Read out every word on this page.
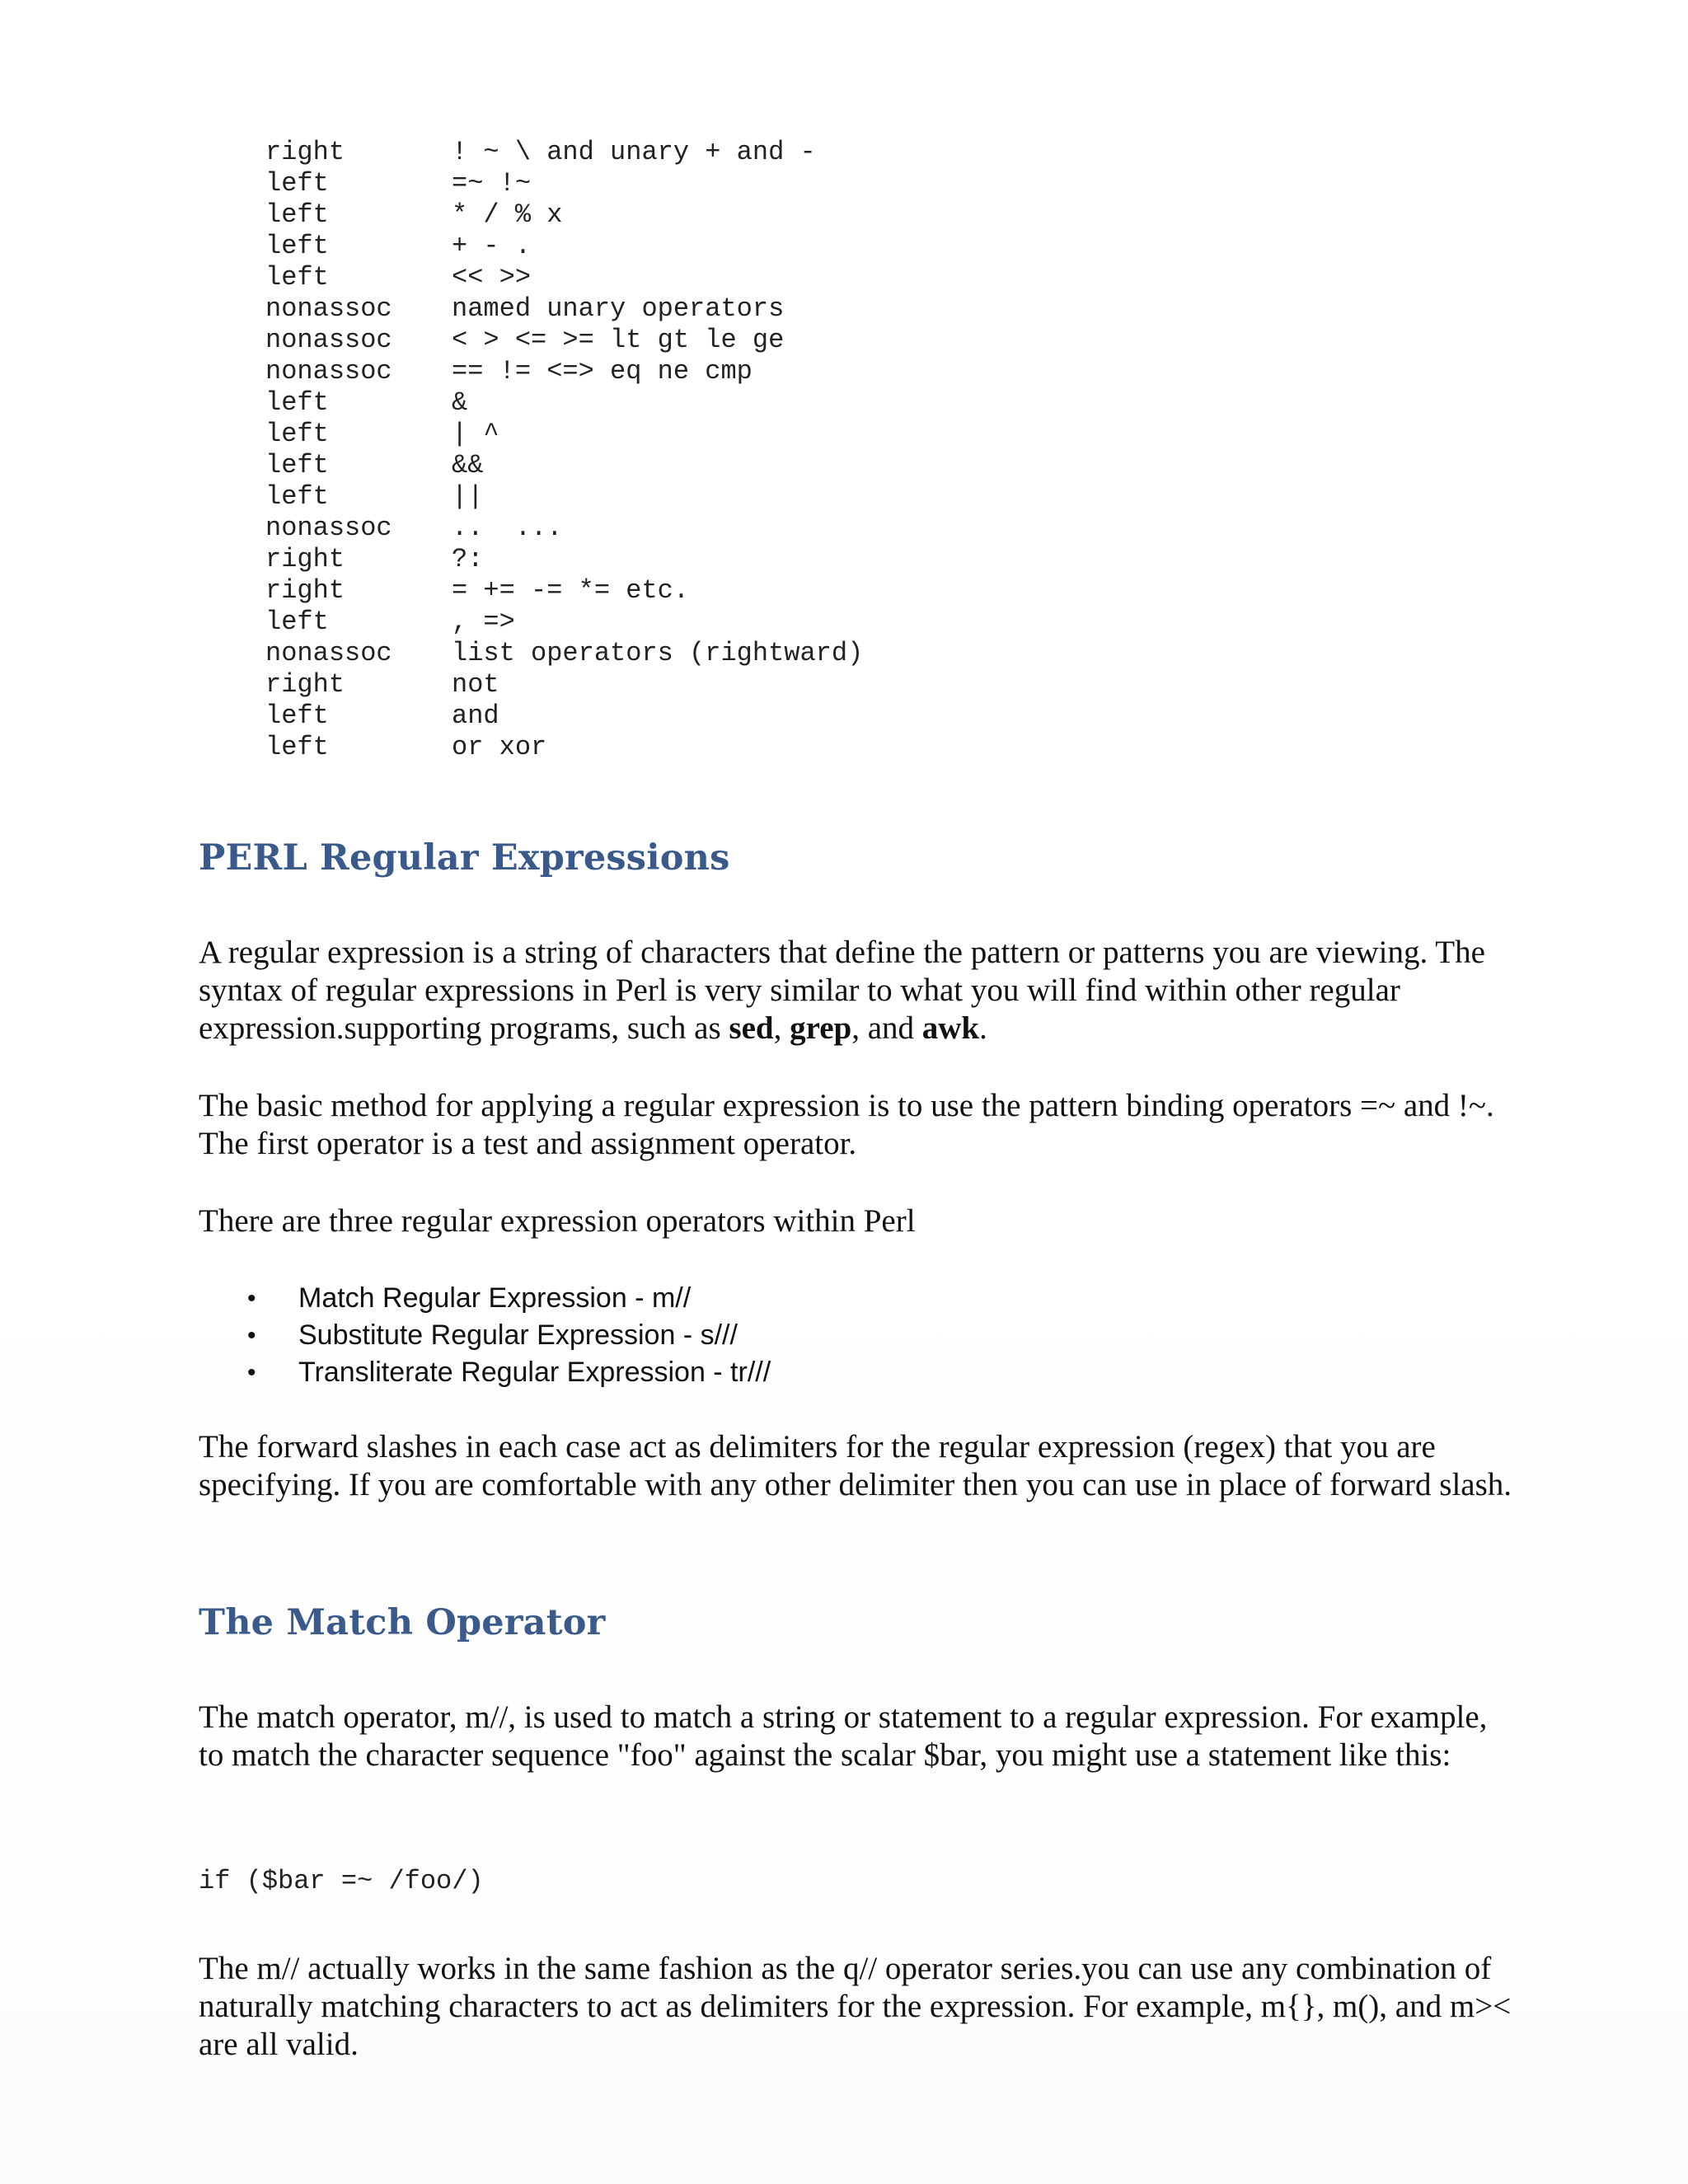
right	! ~ \ and unary + and -
left	=~ !~
left	* / % x
left	+ - .
left	<< >>
nonassoc	named unary operators
nonassoc	< > <= >= lt gt le ge
nonassoc	== != <=> eq ne cmp
left	&
left	| ^
left	&&
left	||
nonassoc	..  ...
right	?:
right	= += -= *= etc.
left	, =>
nonassoc	list operators (rightward)
right	not
left	and
left	or xor
PERL Regular Expressions

A regular expression is a string of characters that define the pattern or patterns you are viewing. The syntax of regular expressions in Perl is very similar to what you will find within other regular expression.supporting programs, such as sed, grep, and awk.

The basic method for applying a regular expression is to use the pattern binding operators =~ and !~. The first operator is a test and assignment operator.

There are three regular expression operators within Perl

•	Match Regular Expression - m//
•	Substitute Regular Expression - s///
•	Transliterate Regular Expression - tr///

The forward slashes in each case act as delimiters for the regular expression (regex) that you are specifying. If you are comfortable with any other delimiter then you can use in place of forward slash.

The Match Operator

The match operator, m//, is used to match a string or statement to a regular expression. For example, to match the character sequence "foo" against the scalar $bar, you might use a statement like this:

if ($bar =~ /foo/)

The m// actually works in the same fashion as the q// operator series.you can use any combination of naturally matching characters to act as delimiters for the expression. For example, m{}, m(), and m>< are all valid.
